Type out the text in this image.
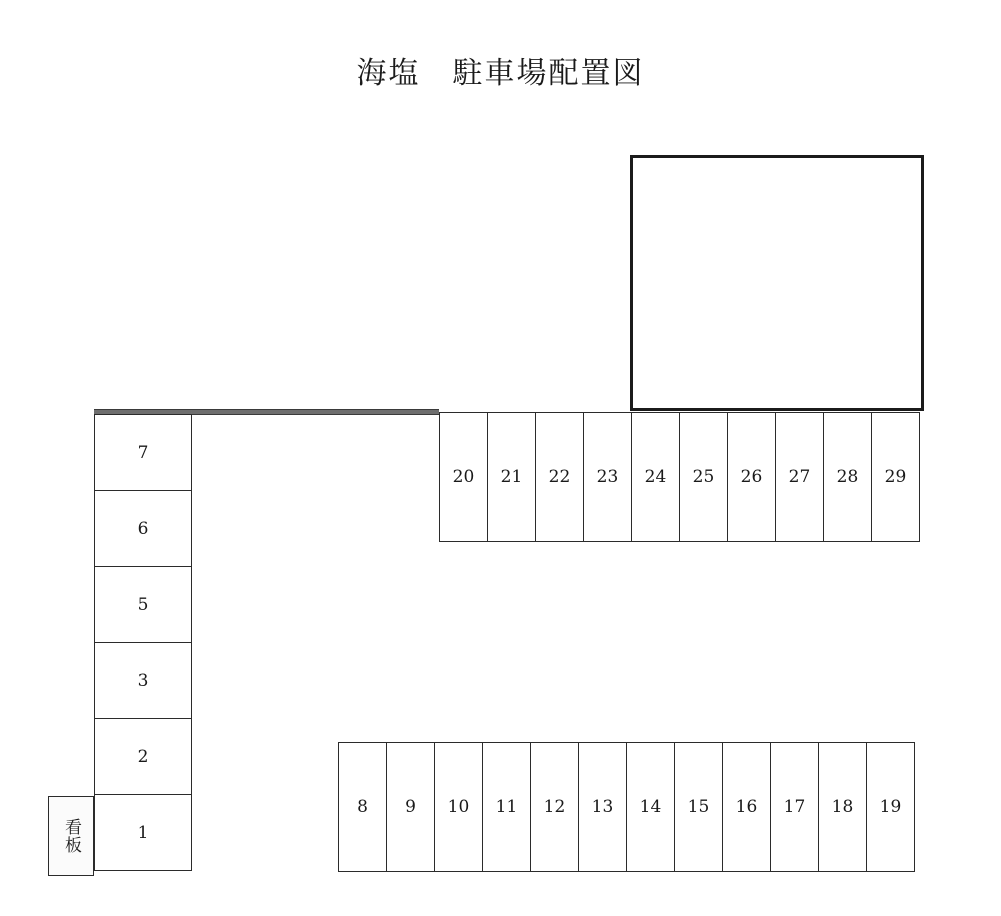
海塩　駐車場配置図
看板
7
6
5
3
2
1
20	21	22	23	24	25	26	27	28	29
8	9	10	11	12	13	14	15	16	17	18	19
